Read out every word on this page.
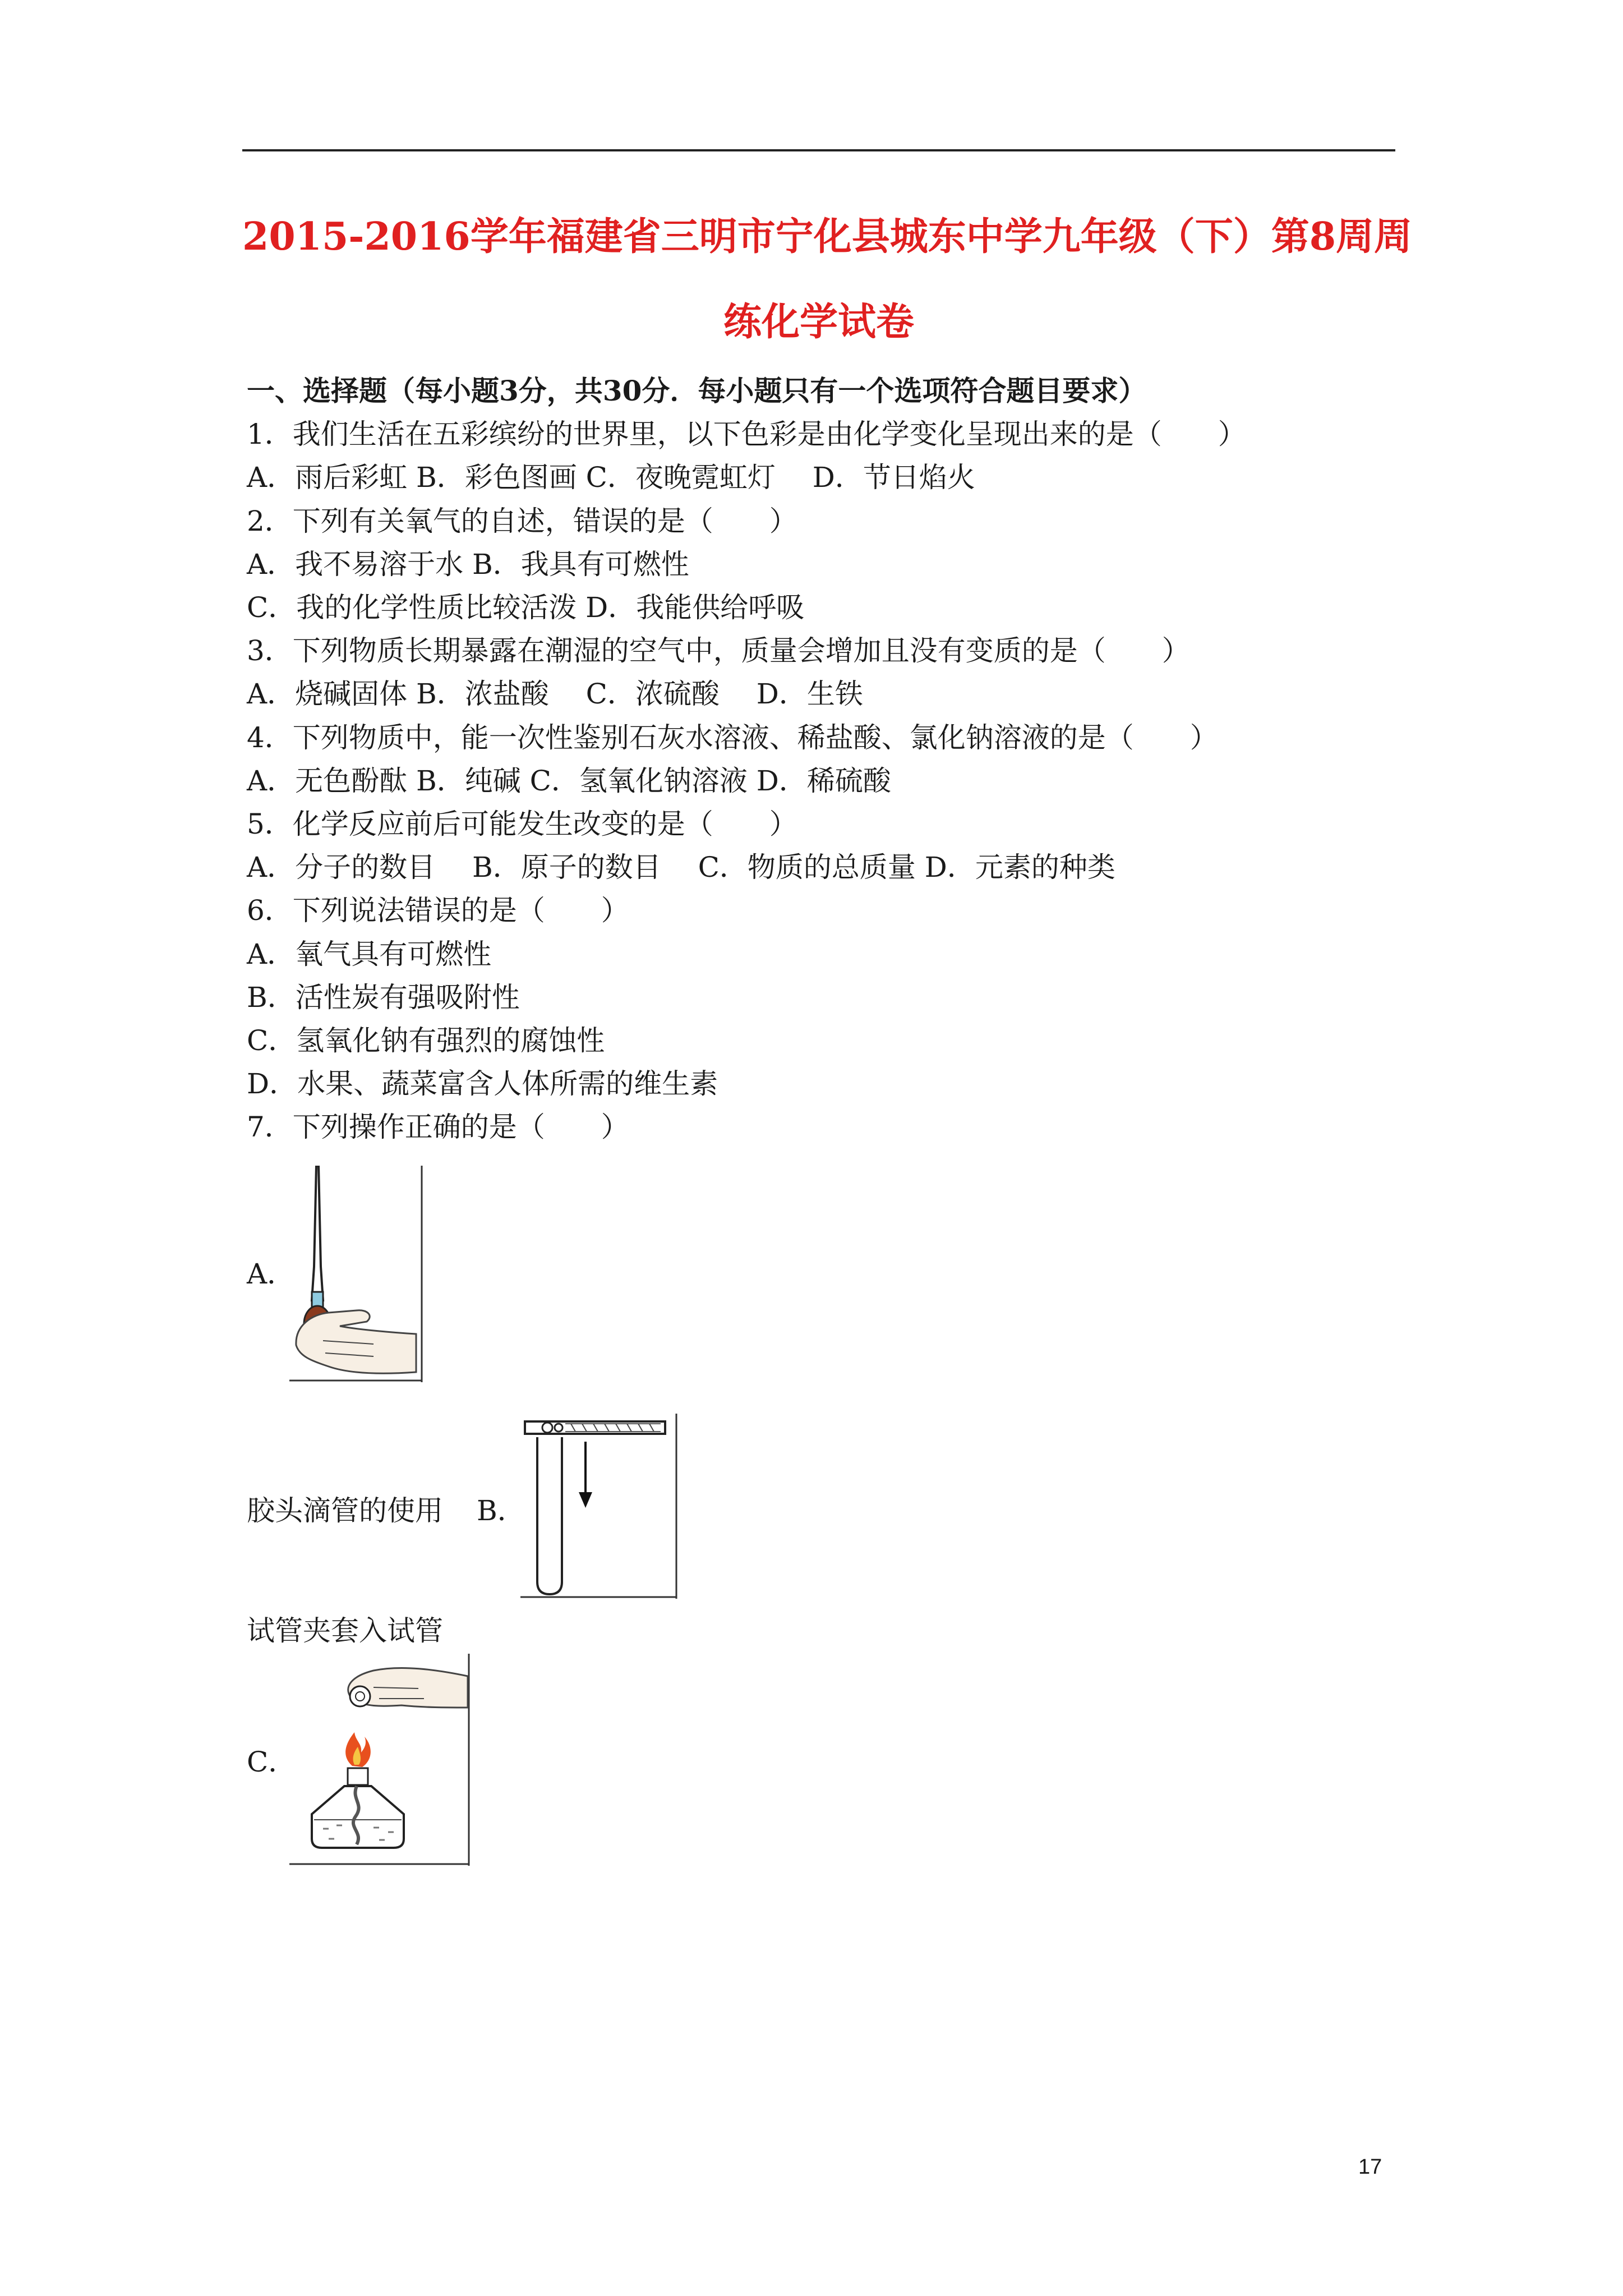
2015-2016学年福建省三明市宁化县城东中学九年级（下）第8周周
练化学试卷
一、选择题（每小题3分，共30分．每小题只有一个选项符合题目要求）
1．我们生活在五彩缤纷的世界里，以下色彩是由化学变化呈现出来的是（　　）
A．雨后彩虹 B．彩色图画 C．夜晚霓虹灯　 D．节日焰火
2．下列有关氧气的自述，错误的是（　　）
A．我不易溶于水 B．我具有可燃性
C．我的化学性质比较活泼 D．我能供给呼吸
3．下列物质长期暴露在潮湿的空气中，质量会增加且没有变质的是（　　）
A．烧碱固体 B．浓盐酸　 C．浓硫酸　 D．生铁
4．下列物质中，能一次性鉴别石灰水溶液、稀盐酸、氯化钠溶液的是（　　）
A．无色酚酞 B．纯碱 C．氢氧化钠溶液 D．稀硫酸
5．化学反应前后可能发生改变的是（　　）
A．分子的数目　 B．原子的数目　 C．物质的总质量 D．元素的种类
6．下列说法错误的是（　　）
A．氧气具有可燃性
B．活性炭有强吸附性
C．氢氧化钠有强烈的腐蚀性
D．水果、蔬菜富含人体所需的维生素
7．下列操作正确的是（　　）
A．
胶头滴管的使用 B．
试管夹套入试管
C．
17
